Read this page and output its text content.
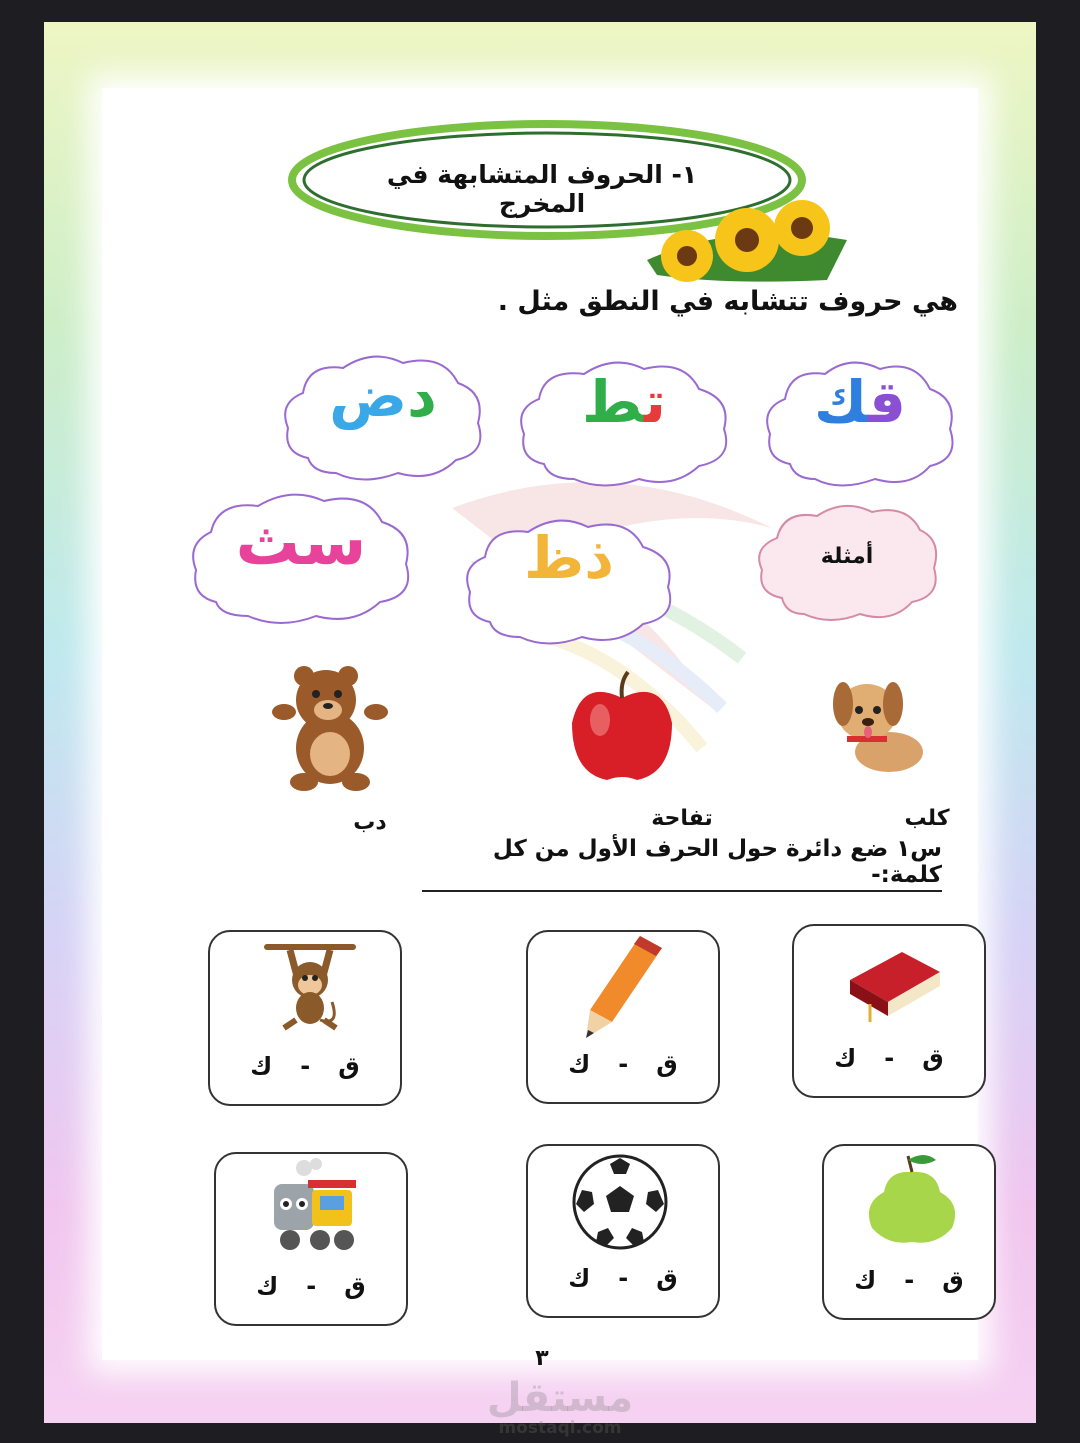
١- الحروف المتشابهة في المخرج
هي حروف تتشابه في النطق مثل .
قك
تط
دض
أمثلة
ذظ
سث
كلب
تفاحة
دب
س١ ضع دائرة حول الحرف الأول من كل كلمة:-
ق-ك
ق-ك
ق-ك
ق-ك
ق-ك
ق-ك
٣
مستقل
mostaql.com
